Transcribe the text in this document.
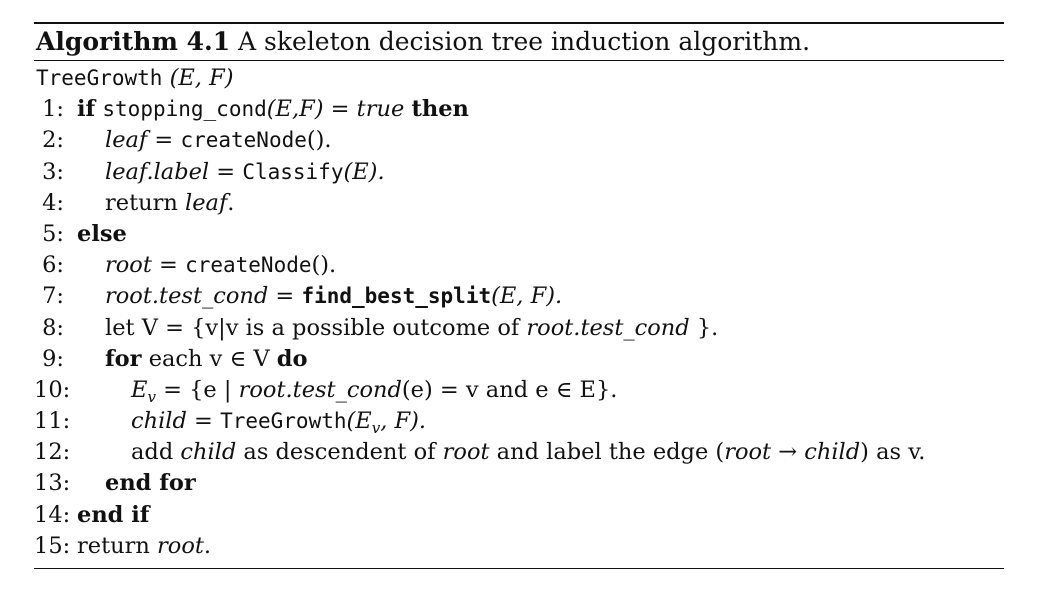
Algorithm 4.1 A skeleton decision tree induction algorithm.
TreeGrowth (E, F)
1: if stopping_cond(E,F) = true then
2: leaf = createNode().
3: leaf.label = Classify(E).
4: return leaf.
5: else
6: root = createNode().
7: root.test_cond = find_best_split(E, F).
8: let V = {v|v is a possible outcome of root.test_cond }.
9: for each v ∈ V do
10:	$E_v = \{e$ | root.test_cond(e) = v and e ∈ E}.
11:	child = $TreeGrowth(E_v$, F).
12:	add child as descendent of root and label the edge (root → child) as v.
13: end for
14: end if
15: return root.
